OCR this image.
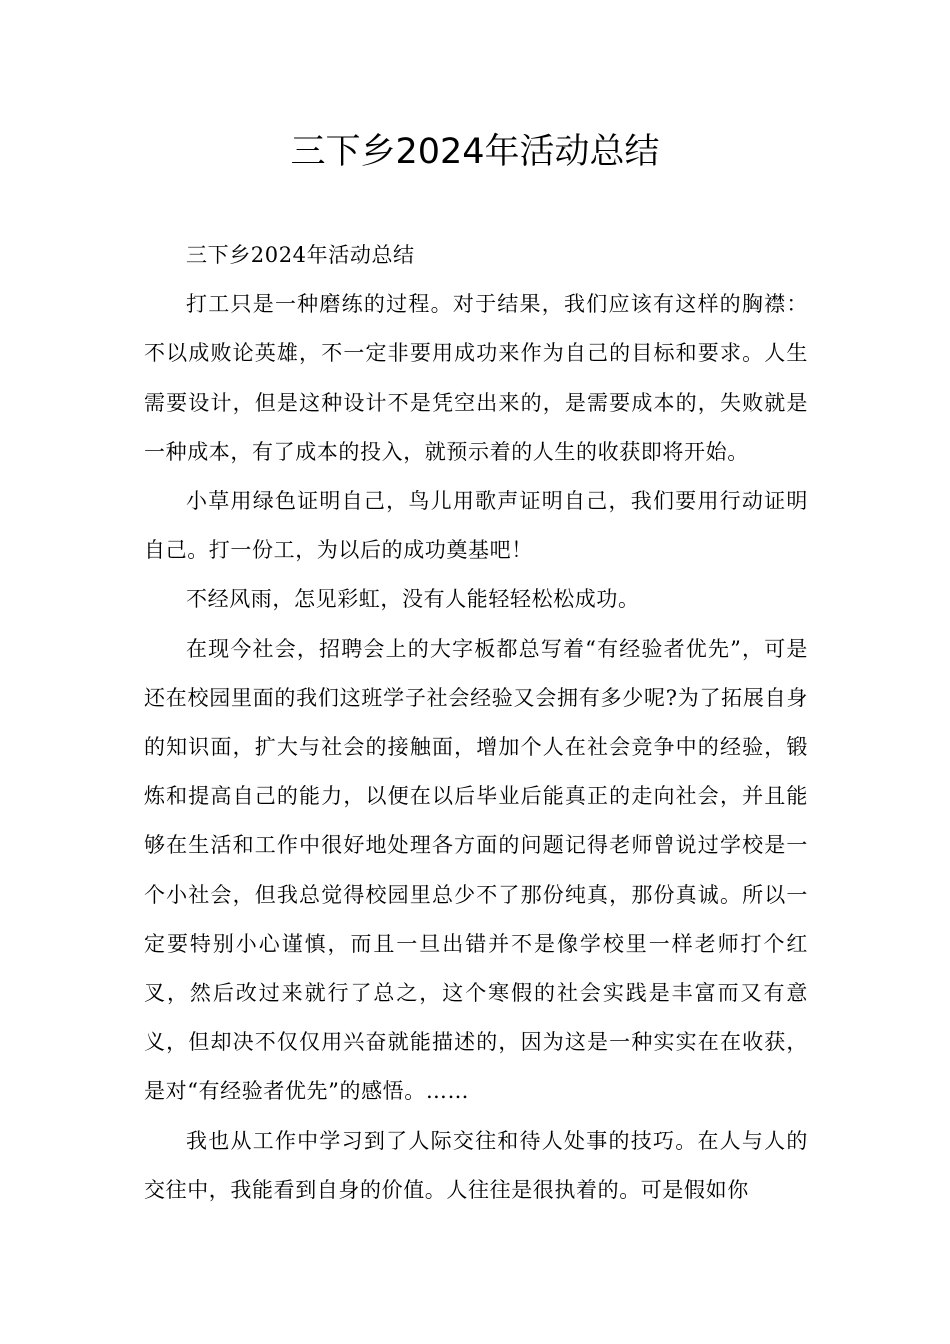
三下乡2024年活动总结

三下乡2024年活动总结

打工只是一种磨练的过程。对于结果，我们应该有这样的胸襟：不以成败论英雄，不一定非要用成功来作为自己的目标和要求。人生需要设计，但是这种设计不是凭空出来的，是需要成本的，失败就是一种成本，有了成本的投入，就预示着的人生的收获即将开始。

小草用绿色证明自己，鸟儿用歌声证明自己，我们要用行动证明自己。打一份工，为以后的成功奠基吧！

不经风雨，怎见彩虹，没有人能轻轻松松成功。

在现今社会，招聘会上的大字板都总写着“有经验者优先”，可是还在校园里面的我们这班学子社会经验又会拥有多少呢?为了拓展自身的知识面，扩大与社会的接触面，增加个人在社会竞争中的经验，锻炼和提高自己的能力，以便在以后毕业后能真正的走向社会，并且能够在生活和工作中很好地处理各方面的问题记得老师曾说过学校是一个小社会，但我总觉得校园里总少不了那份纯真，那份真诚。所以一定要特别小心谨慎，而且一旦出错并不是像学校里一样老师打个红叉，然后改过来就行了总之，这个寒假的社会实践是丰富而又有意义，但却决不仅仅用兴奋就能描述的，因为这是一种实实在在收获，是对“有经验者优先”的感悟。……

我也从工作中学习到了人际交往和待人处事的技巧。在人与人的交往中，我能看到自身的价值。人往往是很执着的。可是假如你
